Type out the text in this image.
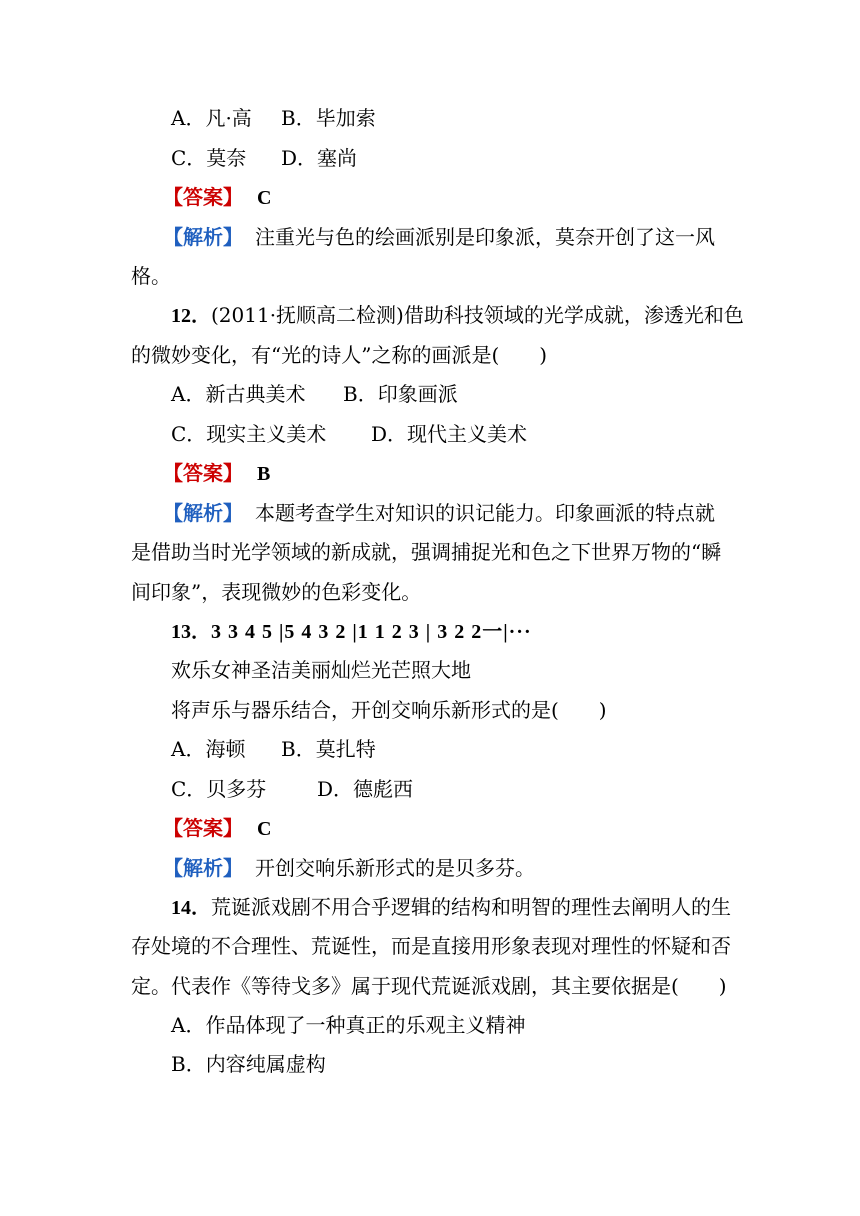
A．凡·高 B．毕加索
C．莫奈 D．塞尚
【答案】 C
【解析】 注重光与色的绘画派别是印象派，莫奈开创了这一风
格。
12．(2011·抚顺高二检测)借助科技领域的光学成就，渗透光和色
的微妙变化，有“光的诗人”之称的画派是(　　)
A．新古典美术 B．印象画派
C．现实主义美术 D．现代主义美术
【答案】 B
【解析】 本题考查学生对知识的识记能力。印象画派的特点就
是借助当时光学领域的新成就，强调捕捉光和色之下世界万物的“瞬
间印象”，表现微妙的色彩变化。
13．3 3 4 5 |5 4 3 2 |1 1 2 3 | 3 2 2一|···
欢乐女神圣洁美丽灿烂光芒照大地
将声乐与器乐结合，开创交响乐新形式的是(　　)
A．海顿 B．莫扎特
C．贝多芬	D．德彪西
【答案】 C
【解析】 开创交响乐新形式的是贝多芬。
14．荒诞派戏剧不用合乎逻辑的结构和明智的理性去阐明人的生
存处境的不合理性、荒诞性，而是直接用形象表现对理性的怀疑和否
定。代表作《等待戈多》属于现代荒诞派戏剧，其主要依据是(　　)
A．作品体现了一种真正的乐观主义精神
B．内容纯属虚构
